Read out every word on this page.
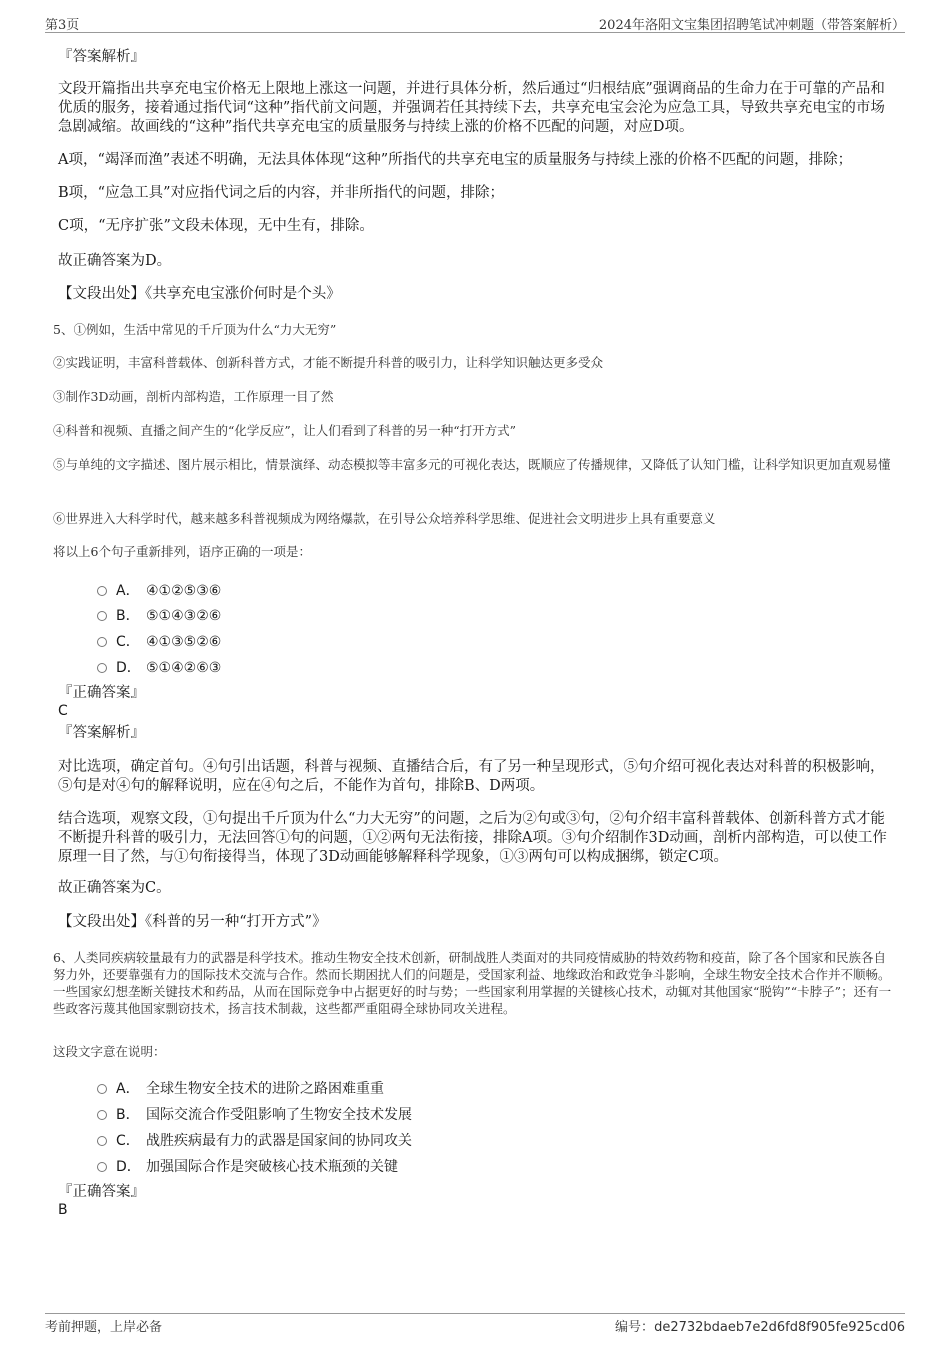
第3页	2024年洛阳文宝集团招聘笔试冲刺题（带答案解析）
『答案解析』
文段开篇指出共享充电宝价格无上限地上涨这一问题，并进行具体分析，然后通过“归根结底”强调商品的生命力在于可靠的产品和优质的服务，接着通过指代词“这种”指代前文问题，并强调若任其持续下去，共享充电宝会沦为应急工具，导致共享充电宝的市场急剧减缩。故画线的“这种”指代共享充电宝的质量服务与持续上涨的价格不匹配的问题，对应D项。
A项，“竭泽而渔”表述不明确，无法具体体现“这种”所指代的共享充电宝的质量服务与持续上涨的价格不匹配的问题，排除；
B项，“应急工具”对应指代词之后的内容，并非所指代的问题，排除；
C项，“无序扩张”文段未体现，无中生有，排除。
故正确答案为D。
【文段出处】《共享充电宝涨价何时是个头》
5、①例如，生活中常见的千斤顶为什么“力大无穷”
②实践证明，丰富科普载体、创新科普方式，才能不断提升科普的吸引力，让科学知识触达更多受众
③制作3D动画，剖析内部构造，工作原理一目了然
④科普和视频、直播之间产生的“化学反应”，让人们看到了科普的另一种“打开方式”
⑤与单纯的文字描述、图片展示相比，情景演绎、动态模拟等丰富多元的可视化表达，既顺应了传播规律，又降低了认知门槛，让科学知识更加直观易懂
⑥世界进入大科学时代，越来越多科普视频成为网络爆款，在引导公众培养科学思维、促进社会文明进步上具有重要意义
将以上6个句子重新排列，语序正确的一项是：
A． ④①②⑤③⑥
B． ⑤①④③②⑥
C． ④①③⑤②⑥
D． ⑤①④②⑥③
『正确答案』
C
『答案解析』
对比选项，确定首句。④句引出话题，科普与视频、直播结合后，有了另一种呈现形式，⑤句介绍可视化表达对科普的积极影响，⑤句是对④句的解释说明，应在④句之后，不能作为首句，排除B、D两项。
结合选项，观察文段，①句提出千斤顶为什么“力大无穷”的问题，之后为②句或③句，②句介绍丰富科普载体、创新科普方式才能不断提升科普的吸引力，无法回答①句的问题，①②两句无法衔接，排除A项。③句介绍制作3D动画，剖析内部构造，可以使工作原理一目了然，与①句衔接得当，体现了3D动画能够解释科学现象，①③两句可以构成捆绑，锁定C项。
故正确答案为C。
【文段出处】《科普的另一种“打开方式”》
6、人类同疾病较量最有力的武器是科学技术。推动生物安全技术创新，研制战胜人类面对的共同疫情威胁的特效药物和疫苗，除了各个国家和民族各自努力外，还要靠强有力的国际技术交流与合作。然而长期困扰人们的问题是，受国家利益、地缘政治和政党争斗影响，全球生物安全技术合作并不顺畅。一些国家幻想垄断关键技术和药品，从而在国际竞争中占据更好的时与势；一些国家利用掌握的关键核心技术，动辄对其他国家“脱钩”“卡脖子”；还有一些政客污蔑其他国家剽窃技术，扬言技术制裁，这些都严重阻碍全球协同攻关进程。
这段文字意在说明：
A． 全球生物安全技术的进阶之路困难重重
B． 国际交流合作受阻影响了生物安全技术发展
C． 战胜疾病最有力的武器是国家间的协同攻关
D． 加强国际合作是突破核心技术瓶颈的关键
『正确答案』
B
考前押题，上岸必备	编号：de2732bdaeb7e2d6fd8f905fe925cd06
